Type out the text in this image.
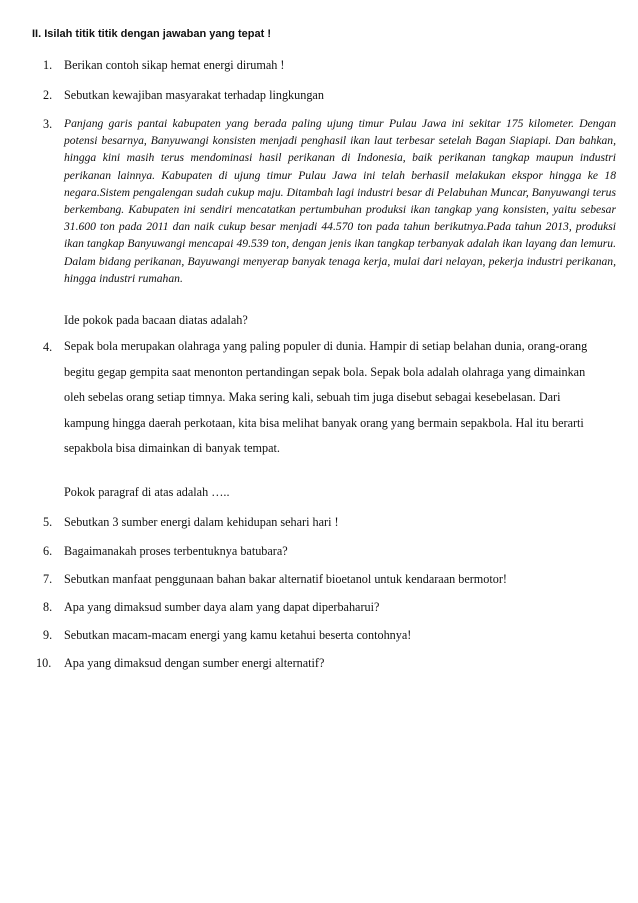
II. Isilah titik titik dengan jawaban yang tepat !
1. Berikan contoh sikap hemat energi dirumah !
2. Sebutkan kewajiban masyarakat terhadap lingkungan
3. Panjang garis pantai kabupaten yang berada paling ujung timur Pulau Jawa ini sekitar 175 kilometer. Dengan potensi besarnya, Banyuwangi konsisten menjadi penghasil ikan laut terbesar setelah Bagan Siapiapi. Dan bahkan, hingga kini masih terus mendominasi hasil perikanan di Indonesia, baik perikanan tangkap maupun industri perikanan lainnya. Kabupaten di ujung timur Pulau Jawa ini telah berhasil melakukan ekspor hingga ke 18 negara.Sistem pengalengan sudah cukup maju. Ditambah lagi industri besar di Pelabuhan Muncar, Banyuwangi terus berkembang. Kabupaten ini sendiri mencatatkan pertumbuhan produksi ikan tangkap yang konsisten, yaitu sebesar 31.600 ton pada 2011 dan naik cukup besar menjadi 44.570 ton pada tahun berikutnya.Pada tahun 2013, produksi ikan tangkap Banyuwangi mencapai 49.539 ton, dengan jenis ikan tangkap terbanyak adalah ikan layang dan lemuru. Dalam bidang perikanan, Bayuwangi menyerap banyak tenaga kerja, mulai dari nelayan, pekerja industri perikanan, hingga industri rumahan.
Ide pokok pada bacaan diatas adalah?
4. Sepak bola merupakan olahraga yang paling populer di dunia. Hampir di setiap belahan dunia, orang-orang begitu gegap gempita saat menonton pertandingan sepak bola. Sepak bola adalah olahraga yang dimainkan oleh sebelas orang setiap timnya. Maka sering kali, sebuah tim juga disebut sebagai kesebelasan. Dari kampung hingga daerah perkotaan, kita bisa melihat banyak orang yang bermain sepakbola. Hal itu berarti sepakbola bisa dimainkan di banyak tempat.
Pokok paragraf di atas adalah …..
5. Sebutkan 3 sumber energi dalam kehidupan sehari hari !
6. Bagaimanakah proses terbentuknya batubara?
7. Sebutkan manfaat penggunaan bahan bakar alternatif bioetanol untuk kendaraan bermotor!
8. Apa yang dimaksud sumber daya alam yang dapat diperbaharui?
9. Sebutkan macam-macam energi yang kamu ketahui beserta contohnya!
10. Apa yang dimaksud dengan sumber energi alternatif?
